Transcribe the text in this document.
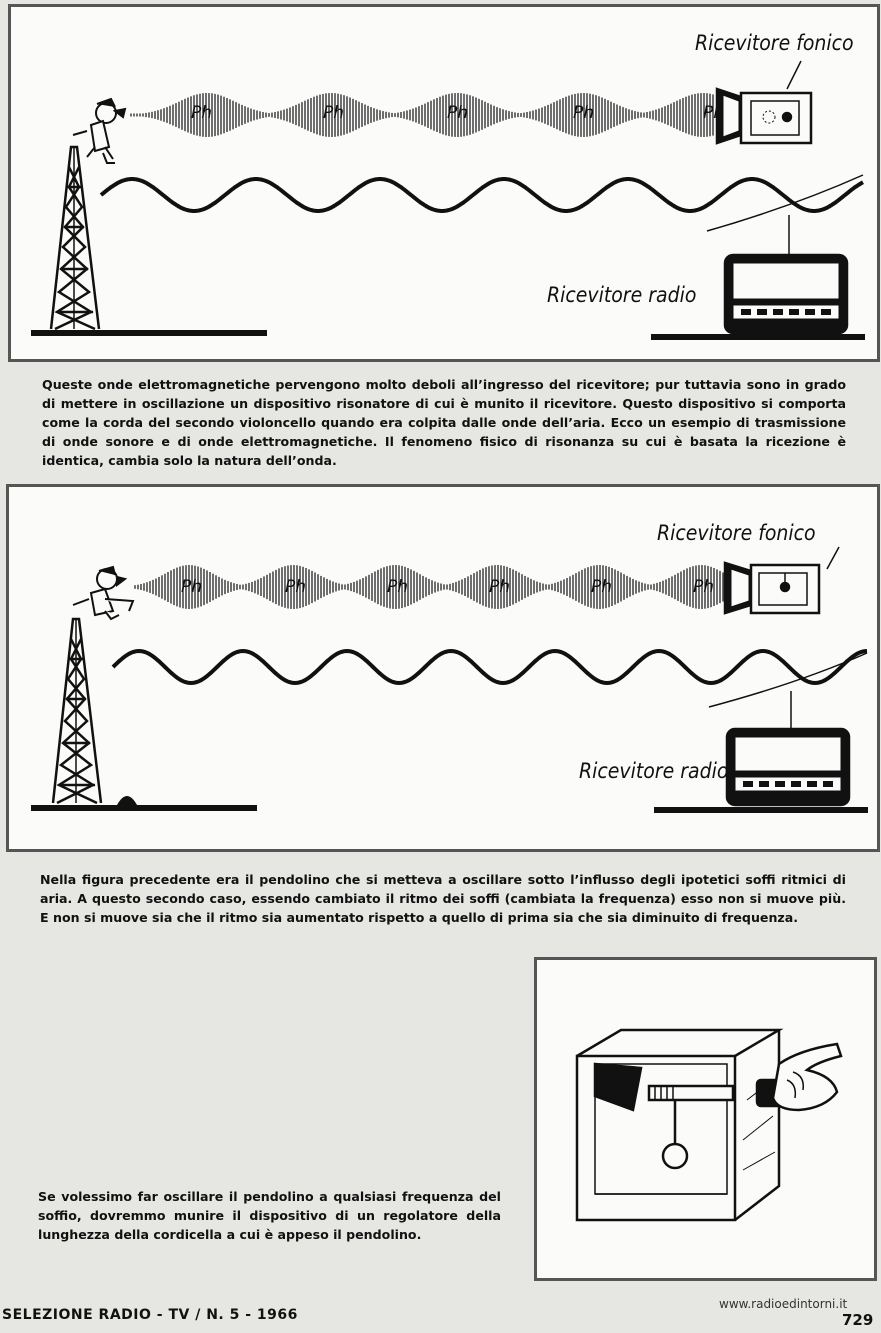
Ricevitore fonico
Ricevitore radio
Ph	Ph	Ph	Ph	Ph

Queste onde elettromagnetiche pervengono molto deboli all’ingresso del ricevitore; pur tuttavia sono in grado di mettere in oscillazione un dispositivo risonatore di cui è munito il ricevitore. Questo dispositivo si comporta come la corda del secondo violoncello quando era colpita dalle onde dell’aria. Ecco un esempio di trasmissione di onde sonore e di onde elettromagnetiche. Il fenomeno fisico di risonanza su cui è basata la ricezione è identica, cambia solo la natura dell’onda.

Ricevitore fonico
Ricevitore radio
Ph	Ph	Ph	Ph	Ph	Ph

Nella figura precedente era il pendolino che si metteva a oscillare sotto l’influsso degli ipotetici soffi ritmici di aria. A questo secondo caso, essendo cambiato il ritmo dei soffi (cambiata la frequenza) esso non si muove più. E non si muove sia che il ritmo sia aumentato rispetto a quello di prima sia che sia diminuito di frequenza.

Se volessimo far oscillare il pendolino a qualsiasi frequenza del soffio, dovremmo munire il dispositivo di un regolatore della lunghezza della cordicella a cui è appeso il pendolino.

SELEZIONE RADIO - TV / N. 5 - 1966
www.radioedintorni.it
729
